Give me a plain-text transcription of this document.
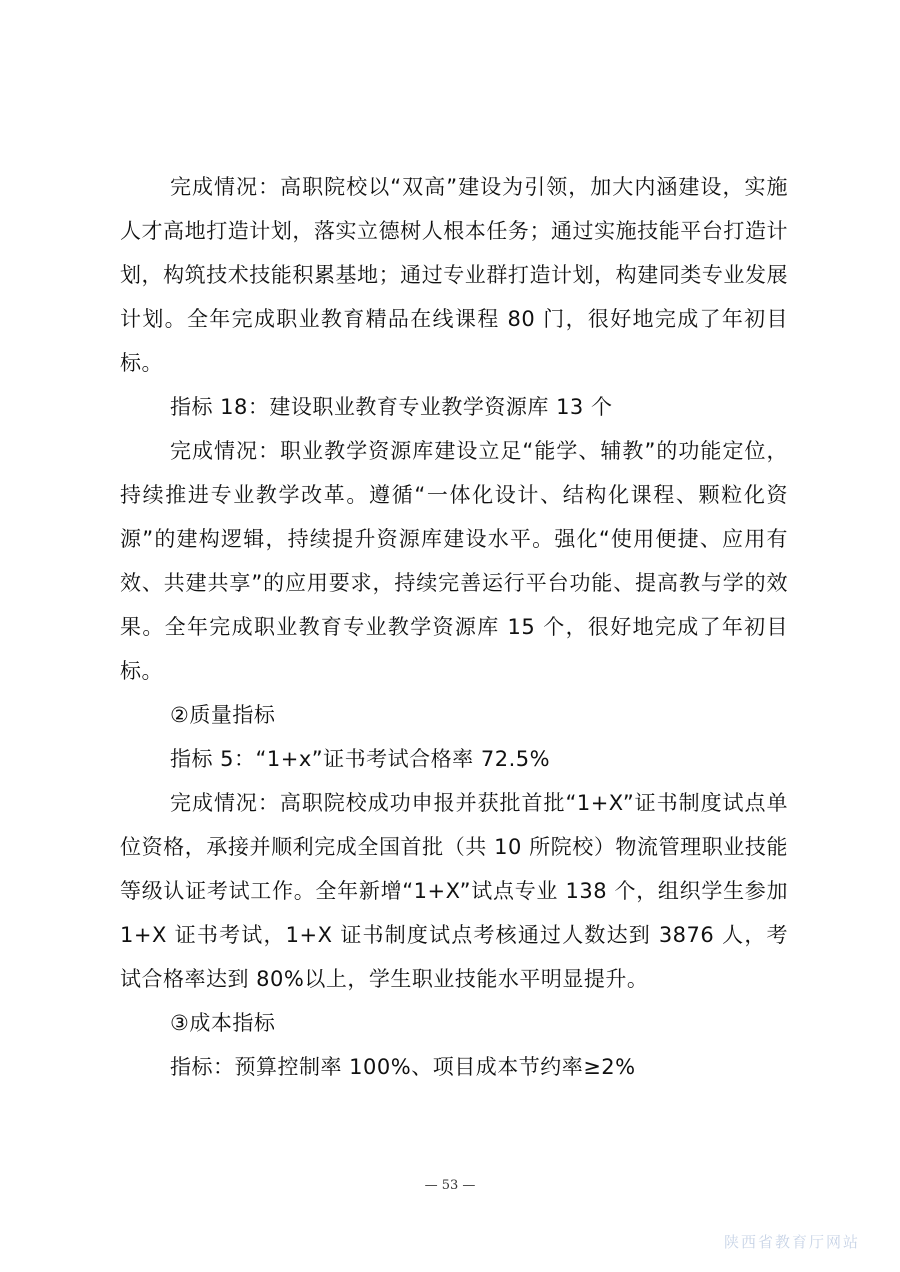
完成情况：高职院校以“双高”建设为引领，加大内涵建设，实施人才高地打造计划，落实立德树人根本任务；通过实施技能平台打造计划，构筑技术技能积累基地；通过专业群打造计划，构建同类专业发展计划。全年完成职业教育精品在线课程 80 门，很好地完成了年初目标。

指标 18：建设职业教育专业教学资源库 13 个

完成情况：职业教学资源库建设立足“能学、辅教”的功能定位，持续推进专业教学改革。遵循“一体化设计、结构化课程、颗粒化资源”的建构逻辑，持续提升资源库建设水平。强化“使用便捷、应用有效、共建共享”的应用要求，持续完善运行平台功能、提高教与学的效果。全年完成职业教育专业教学资源库 15 个，很好地完成了年初目标。

②质量指标

指标 5：“1+x”证书考试合格率 72.5%

完成情况：高职院校成功申报并获批首批“1+X”证书制度试点单位资格，承接并顺利完成全国首批（共 10 所院校）物流管理职业技能等级认证考试工作。全年新增“1+X”试点专业 138 个，组织学生参加 1+X 证书考试，1+X 证书制度试点考核通过人数达到 3876 人，考试合格率达到 80%以上，学生职业技能水平明显提升。

③成本指标

指标：预算控制率 100%、项目成本节约率≥2%

— 53 —
陕西省教育厅网站
